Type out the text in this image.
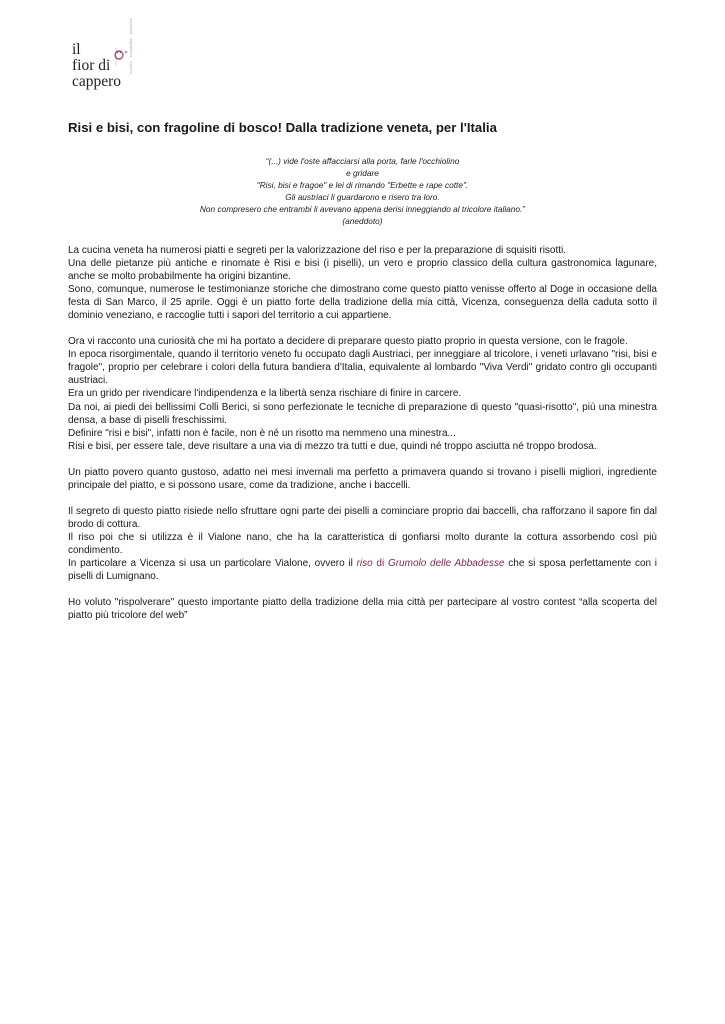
il
fior di
cappero
cucina · fotografia · passioni
Risi e bisi, con fragoline di bosco! Dalla tradizione veneta, per l'Italia
“(...) vide l'oste affacciarsi alla porta, farle l'occhiolino
e gridare
"Risi, bisi e fragoe" e lei di rimando "Erbette e rape cotte".
Gli austriaci li guardarono e risero tra loro.
Non compresero che entrambi li avevano appena derisi inneggiando al tricolore italiano.”
(aneddoto)

La cucina veneta ha numerosi piatti e segreti per la valorizzazione del riso e per la preparazione di squisiti risotti.

Una delle pietanze più antiche e rinomate è Risi e bisi (i piselli), un vero e proprio classico della cultura gastronomica lagunare, anche se molto probabilmente ha origini bizantine.

Sono, comunque, numerose le testimonianze storiche che dimostrano come questo piatto venisse offerto al Doge in occasione della festa di San Marco, il 25 aprile. Oggi è un piatto forte della tradizione della mia città, Vicenza, conseguenza della caduta sotto il dominio veneziano, e raccoglie tutti i sapori del territorio a cui appartiene.

Ora vi racconto una curiosità che mi ha portato a decidere di preparare questo piatto proprio in questa versione, con le fragole.

In epoca risorgimentale, quando il territorio veneto fu occupato dagli Austriaci, per inneggiare al tricolore, i veneti urlavano "risi, bisi e fragole", proprio per celebrare i colori della futura bandiera d'Italia, equivalente al lombardo "Viva Verdi" gridato contro gli occupanti austriaci.

Era un grido per rivendicare l'indipendenza e la libertà senza rischiare di finire in carcere.

Da noi, ai piedi dei bellissimi Colli Berici, si sono perfezionate le tecniche di preparazione di questo "quasi-risotto", più una minestra densa, a base di piselli freschissimi.

Definire "risi e bisi", infatti non è facile, non è né un risotto ma nemmeno una minestra...

Risi e bisi, per essere tale, deve risultare a una via di mezzo tra tutti e due, quindi né troppo asciutta né troppo brodosa.

Un piatto povero quanto gustoso, adatto nei mesi invernali ma perfetto a primavera quando si trovano i piselli migliori, ingrediente principale del piatto, e si possono usare, come da tradizione, anche i baccelli.

Il segreto di questo piatto risiede nello sfruttare ogni parte dei piselli a cominciare proprio dai baccelli, cha rafforzano il sapore fin dal brodo di cottura.

Il riso poi che si utilizza è il Vialone nano, che ha la caratteristica di gonfiarsi molto durante la cottura assorbendo così più condimento.

In particolare a Vicenza si usa un particolare Vialone, ovvero il riso di Grumolo delle Abbadesse che si sposa perfettamente con i piselli di Lumignano.

Ho voluto "rispolverare" questo importante piatto della tradizione della mia città per partecipare al vostro contest “alla scoperta del piatto più tricolore del web”
